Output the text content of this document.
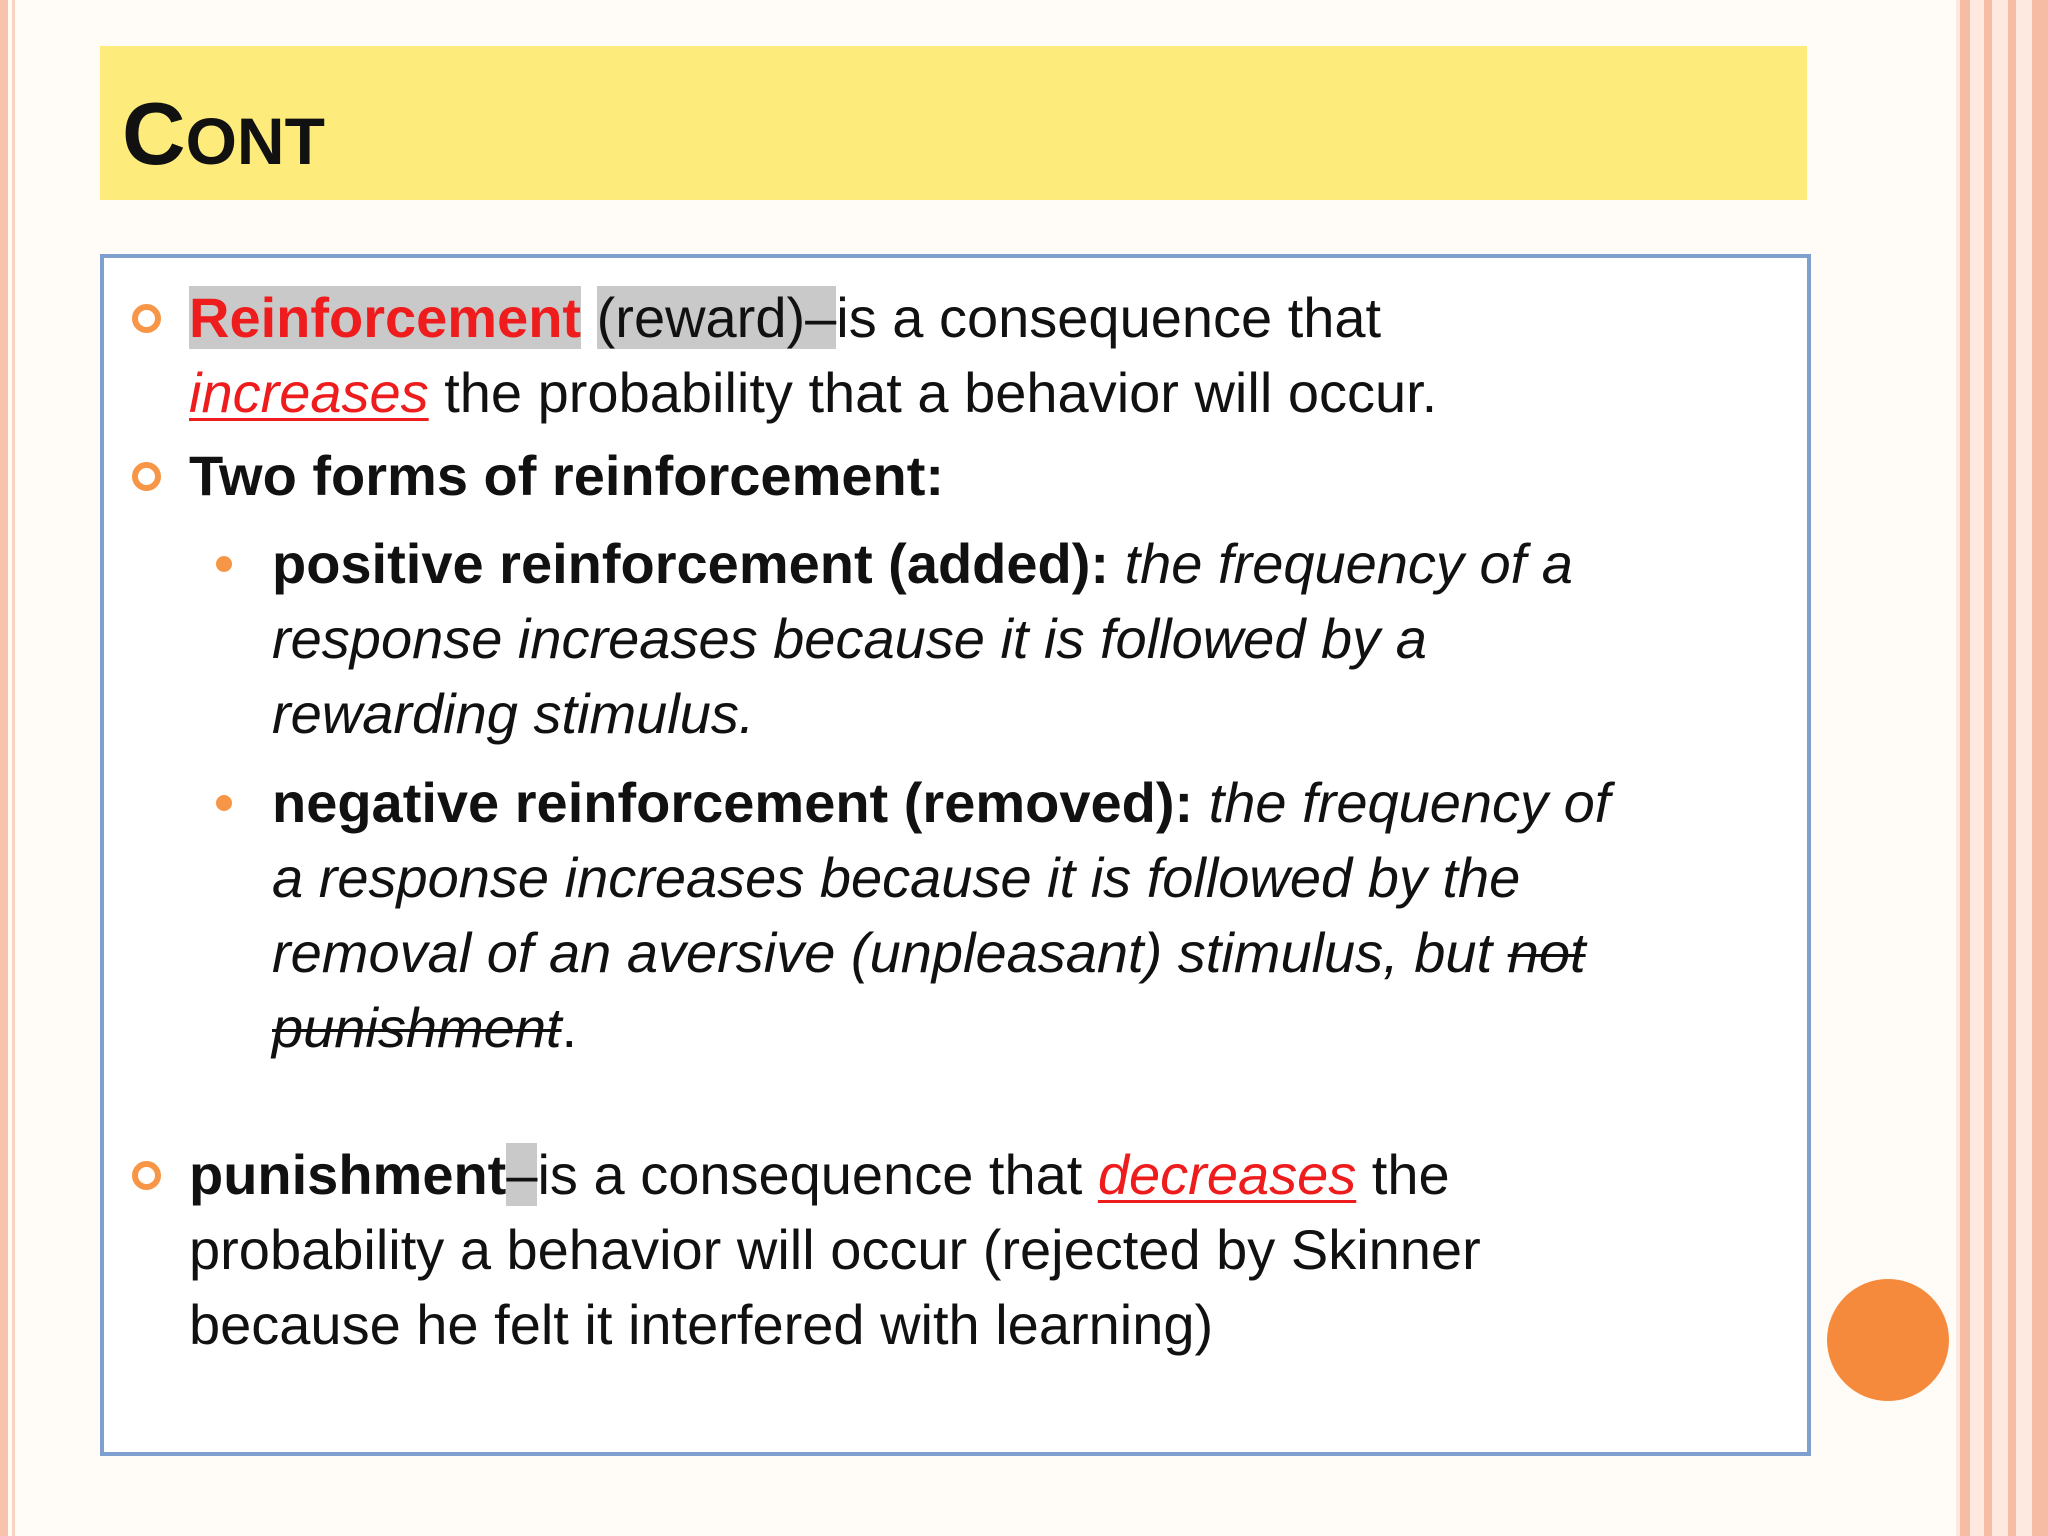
CONT
Reinforcement (reward)–is a consequence that
increases the probability that a behavior will occur.
Two forms of reinforcement:
positive reinforcement (added): the frequency of a
response increases because it is followed by a
rewarding stimulus.
negative reinforcement (removed): the frequency of
a response increases because it is followed by the
removal of an aversive (unpleasant) stimulus, but not
punishment.
punishment–is a consequence that decreases the
probability a behavior will occur (rejected by Skinner
because he felt it interfered with learning)
